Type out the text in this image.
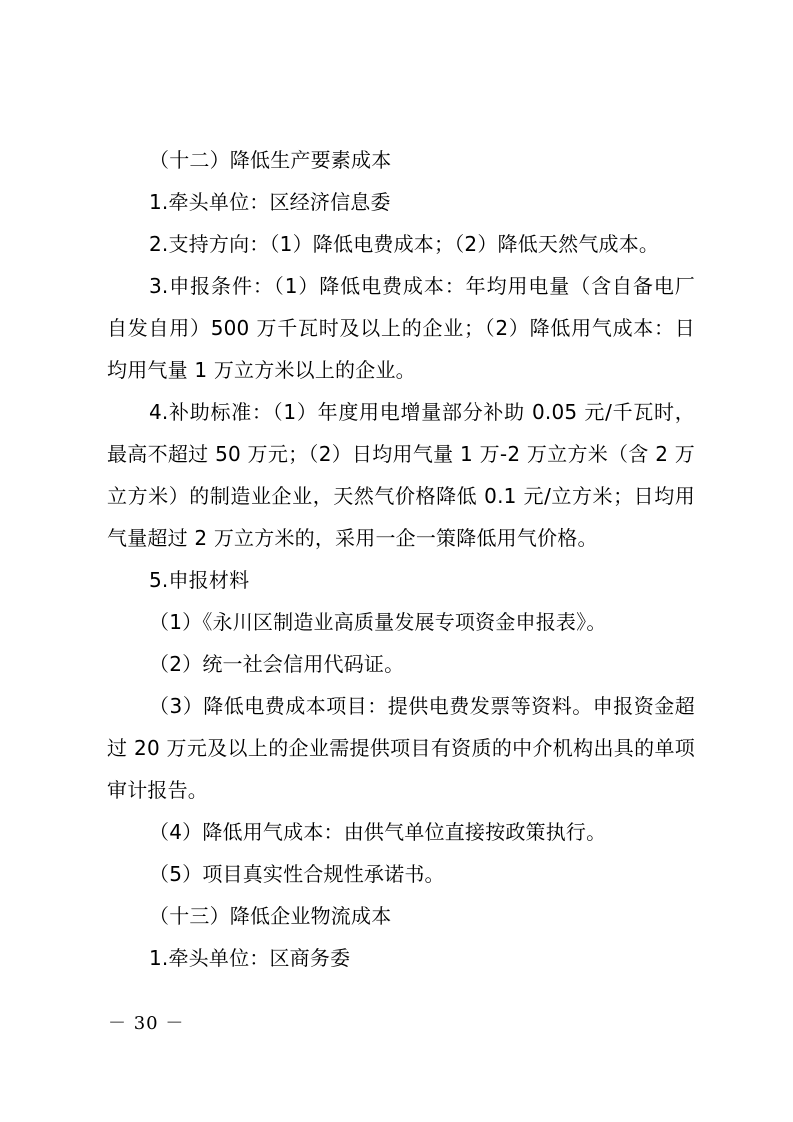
（十二）降低生产要素成本

1.牵头单位：区经济信息委

2.支持方向：（1）降低电费成本；（2）降低天然气成本。

3.申报条件：（1）降低电费成本：年均用电量（含自备电厂自发自用）500 万千瓦时及以上的企业；（2）降低用气成本：日均用气量 1 万立方米以上的企业。

4.补助标准：（1）年度用电增量部分补助 0.05 元/千瓦时，最高不超过 50 万元；（2）日均用气量 1 万-2 万立方米（含 2 万立方米）的制造业企业，天然气价格降低 0.1 元/立方米；日均用气量超过 2 万立方米的，采用一企一策降低用气价格。

5.申报材料

（1）《永川区制造业高质量发展专项资金申报表》。

（2）统一社会信用代码证。

（3）降低电费成本项目：提供电费发票等资料。申报资金超过 20 万元及以上的企业需提供项目有资质的中介机构出具的单项审计报告。

（4）降低用气成本：由供气单位直接按政策执行。

（5）项目真实性合规性承诺书。

（十三）降低企业物流成本

1.牵头单位：区商务委

－ 30 －
